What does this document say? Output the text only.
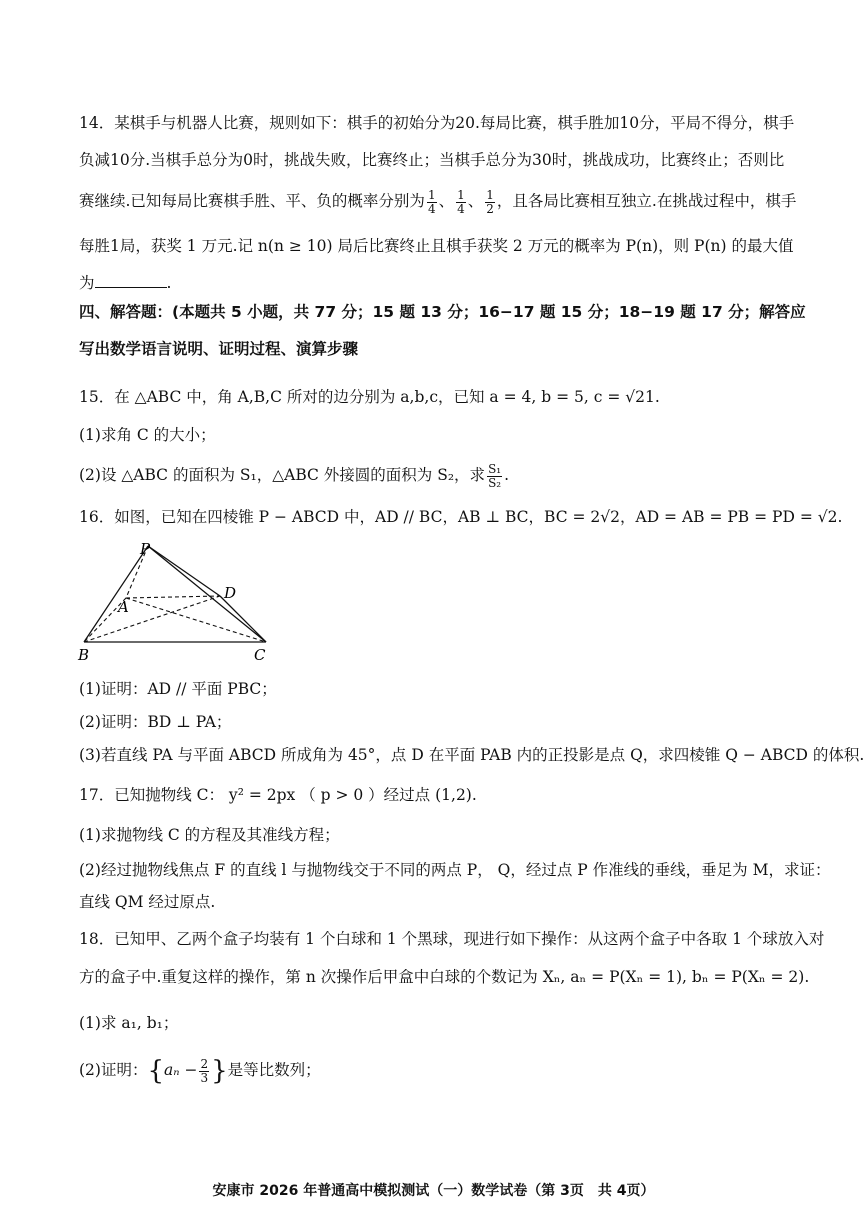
14．某棋手与机器人比赛，规则如下：棋手的初始分为20.每局比赛，棋手胜加10分，平局不得分，棋手
负减10分.当棋手总分为0时，挑战失败，比赛终止；当棋手总分为30时，挑战成功，比赛终止；否则比
赛继续.已知每局比赛棋手胜、平、负的概率分别为 $\frac{1}{4}$ 、 $\frac{1}{4}$ 、 $\frac{1}{2}$ ，且各局比赛相互独立.在挑战过程中，棋手
每胜1局，获奖 1 万元.记 n(n ≥ 10) 局后比赛终止且棋手获奖 2 万元的概率为 P(n)，则 P(n) 的最大值
为	.
四、解答题：(本题共 5 小题，共 77 分；15 题 13 分；16−17 题 15 分；18−19 题 17 分；解答应
写出数学语言说明、证明过程、演算步骤
15．在 △ABC 中，角 A,B,C 所对的边分别为 a,b,c，已知 a = 4, b = 5, c = √21.
(1)求角 C 的大小；
(2)设 △ABC 的面积为 S₁，△ABC 外接圆的面积为 S₂，求 $\frac{\text{S₁}}{\text{S₂}}$ .
16．如图，已知在四棱锥 P − ABCD 中，AD // BC，AB ⊥ BC，BC = 2√2，AD = AB = PB = PD = √2.
P
A
D
B	C
(1)证明：AD // 平面 PBC；
(2)证明：BD ⊥ PA；
(3)若直线 PA 与平面 ABCD 所成角为 45°，点 D 在平面 PAB 内的正投影是点 Q，求四棱锥 Q − ABCD 的体积.
17．已知抛物线 C： y² = 2px （ p > 0 ）经过点 (1,2).
(1)求抛物线 C 的方程及其准线方程；
(2)经过抛物线焦点 F 的直线 l 与抛物线交于不同的两点 P， Q，经过点 P 作准线的垂线，垂足为 M，求证：
直线 QM 经过原点.
18．已知甲、乙两个盒子均装有 1 个白球和 1 个黑球，现进行如下操作：从这两个盒子中各取 1 个球放入对
方的盒子中.重复这样的操作，第 n 次操作后甲盒中白球的个数记为 Xₙ, aₙ = P(Xₙ = 1), bₙ = P(Xₙ = 2).
(1)求 a₁, b₁；
(2)证明：{$a_n - \frac{2}{3}$ }是等比数列；
安康市 2026 年普通高中模拟测试（一）数学试卷（第 3页　共 4页）
